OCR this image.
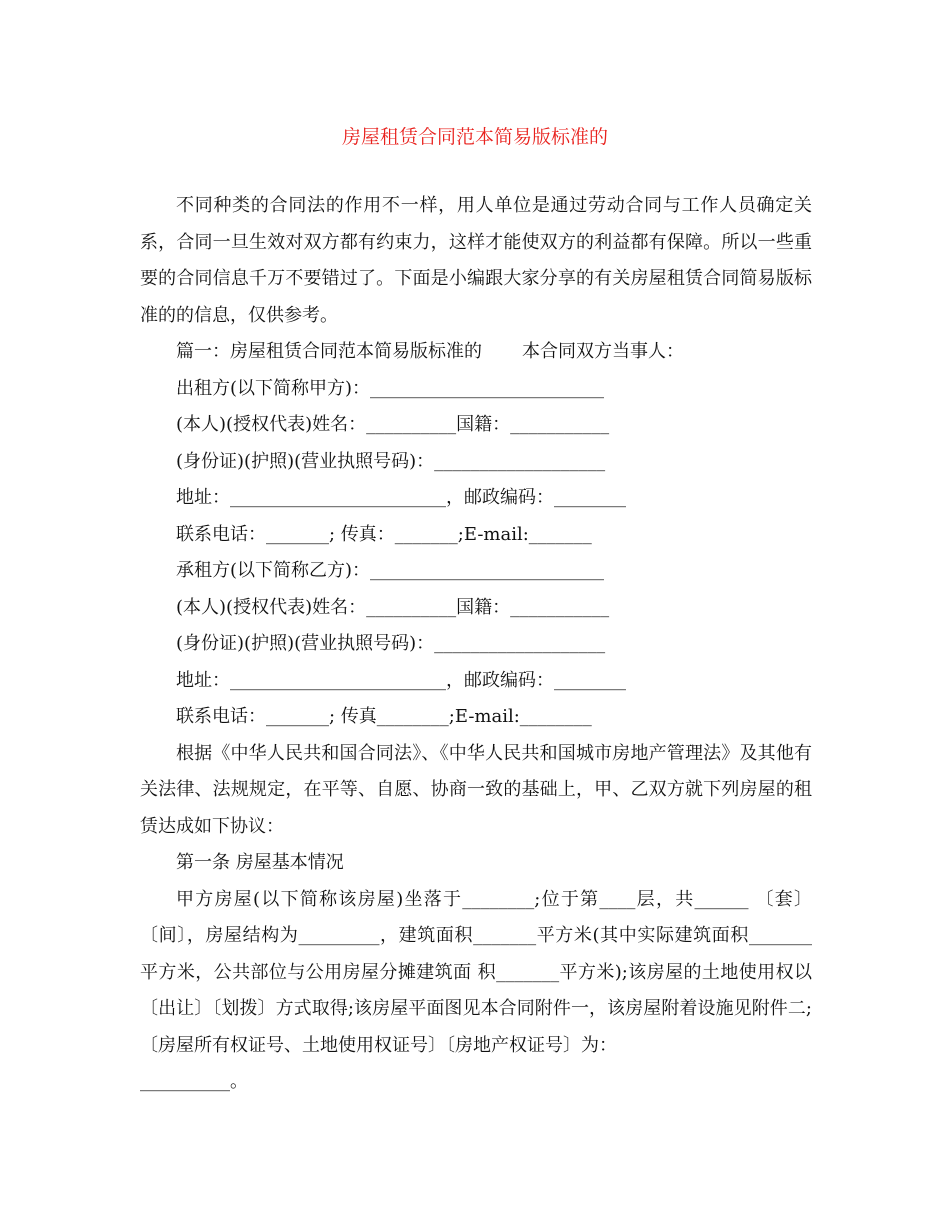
房屋租赁合同范本简易版标准的

不同种类的合同法的作用不一样，用人单位是通过劳动合同与工作人员确定关系，合同一旦生效对双方都有约束力，这样才能使双方的利益都有保障。所以一些重要的合同信息千万不要错过了。下面是小编跟大家分享的有关房屋租赁合同简易版标准的的信息，仅供参考。

篇一：房屋租赁合同范本简易版标准的       本合同双方当事人：

出租方(以下简称甲方)：__________________________

(本人)(授权代表)姓名：__________国籍：___________

(身份证)(护照)(营业执照号码)：___________________

地址：________________________，邮政编码：________

联系电话：_______; 传真：_______;E-mail:_______

承租方(以下简称乙方)：__________________________

(本人)(授权代表)姓名：__________国籍：___________

(身份证)(护照)(营业执照号码)：___________________

地址：________________________，邮政编码：________

联系电话：_______; 传真________;E-mail:________

根据《中华人民共和国合同法》、《中华人民共和国城市房地产管理法》及其他有关法律、法规规定，在平等、自愿、协商一致的基础上，甲、乙双方就下列房屋的租赁达成如下协议：

第一条 房屋基本情况

甲方房屋(以下简称该房屋)坐落于________;位于第____层，共______ 〔套〕〔间〕，房屋结构为_________，建筑面积_______平方米(其中实际建筑面积_______平方米，公共部位与公用房屋分摊建筑面 积_______平方米);该房屋的土地使用权以〔出让〕〔划拨〕方式取得;该房屋平面图见本合同附件一，该房屋附着设施见附件二;〔房屋所有权证号、土地使用权证号〕〔房地产权证号〕为：

__________。
